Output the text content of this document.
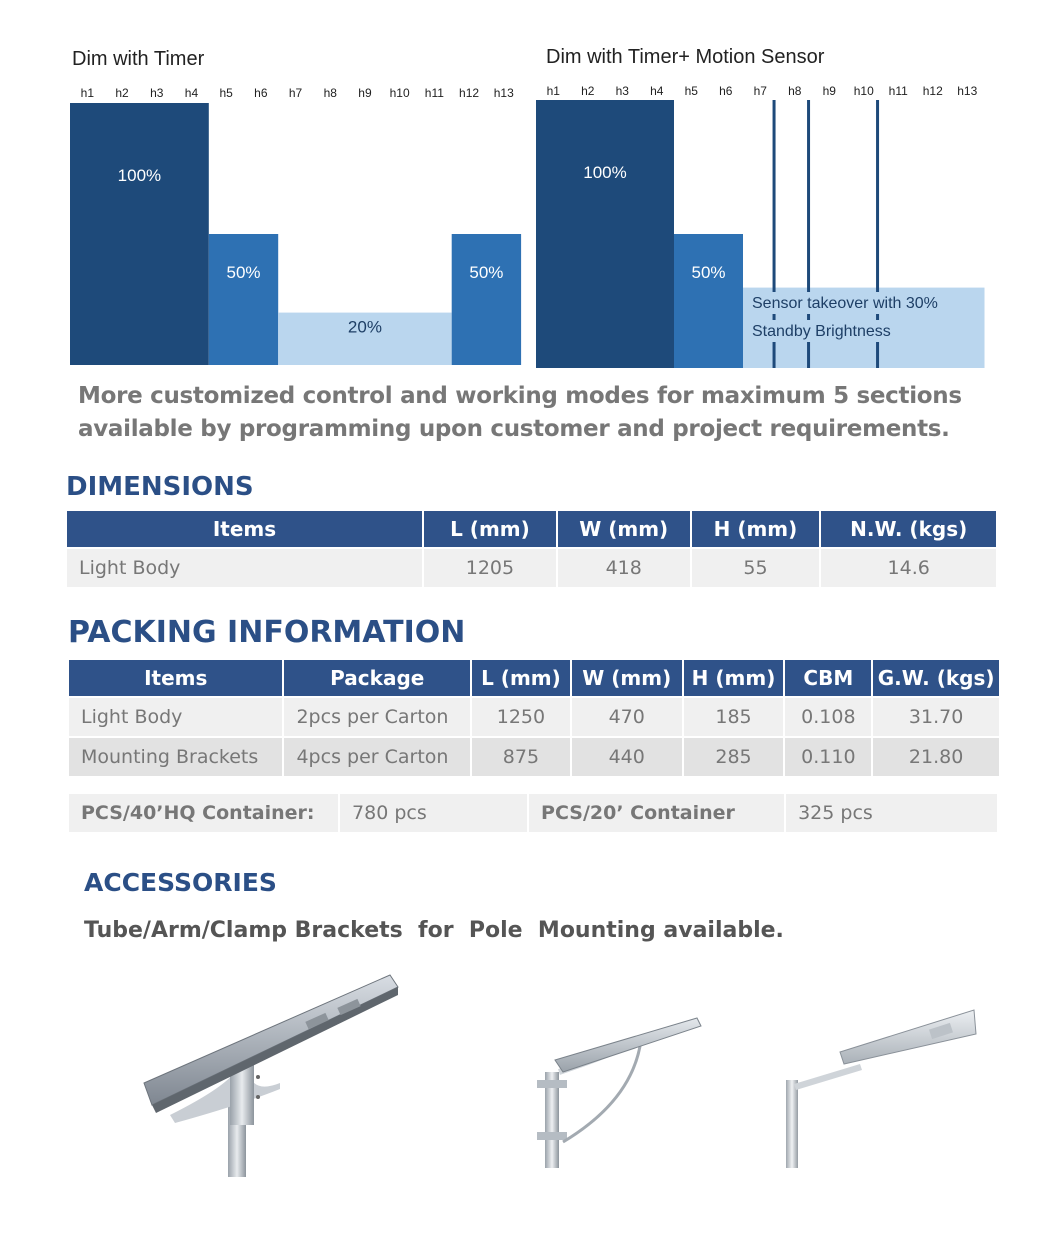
Dim with Timer	Dim with Timer+ Motion Sensor
h1 h2 h3 h4 h5 h6 h7 h8 h9 h10 h11 h12 h13
100%
50%
20%
50%
h1 h2 h3 h4 h5 h6 h7 h8 h9 h10 h11 h12 h13
100%
50%
Sensor takeover with 30%
Standby Brightness
More customized control and working modes for maximum 5 sections available by programming upon customer and project requirements.
DIMENSIONS
Items	L (mm)	W (mm)	H (mm)	N.W. (kgs)
Light Body	1205	418	55	14.6
PACKING INFORMATION
Items	Package	L (mm)	W (mm)	H (mm)	CBM	G.W. (kgs)
Light Body	2pcs per Carton	1250	470	185	0.108	31.70
Mounting Brackets	4pcs per Carton	875	440	285	0.110	21.80
PCS/40’HQ Container:	780 pcs	PCS/20’ Container	325 pcs
ACCESSORIES
Tube/Arm/Clamp Brackets  for  Pole  Mounting available.
